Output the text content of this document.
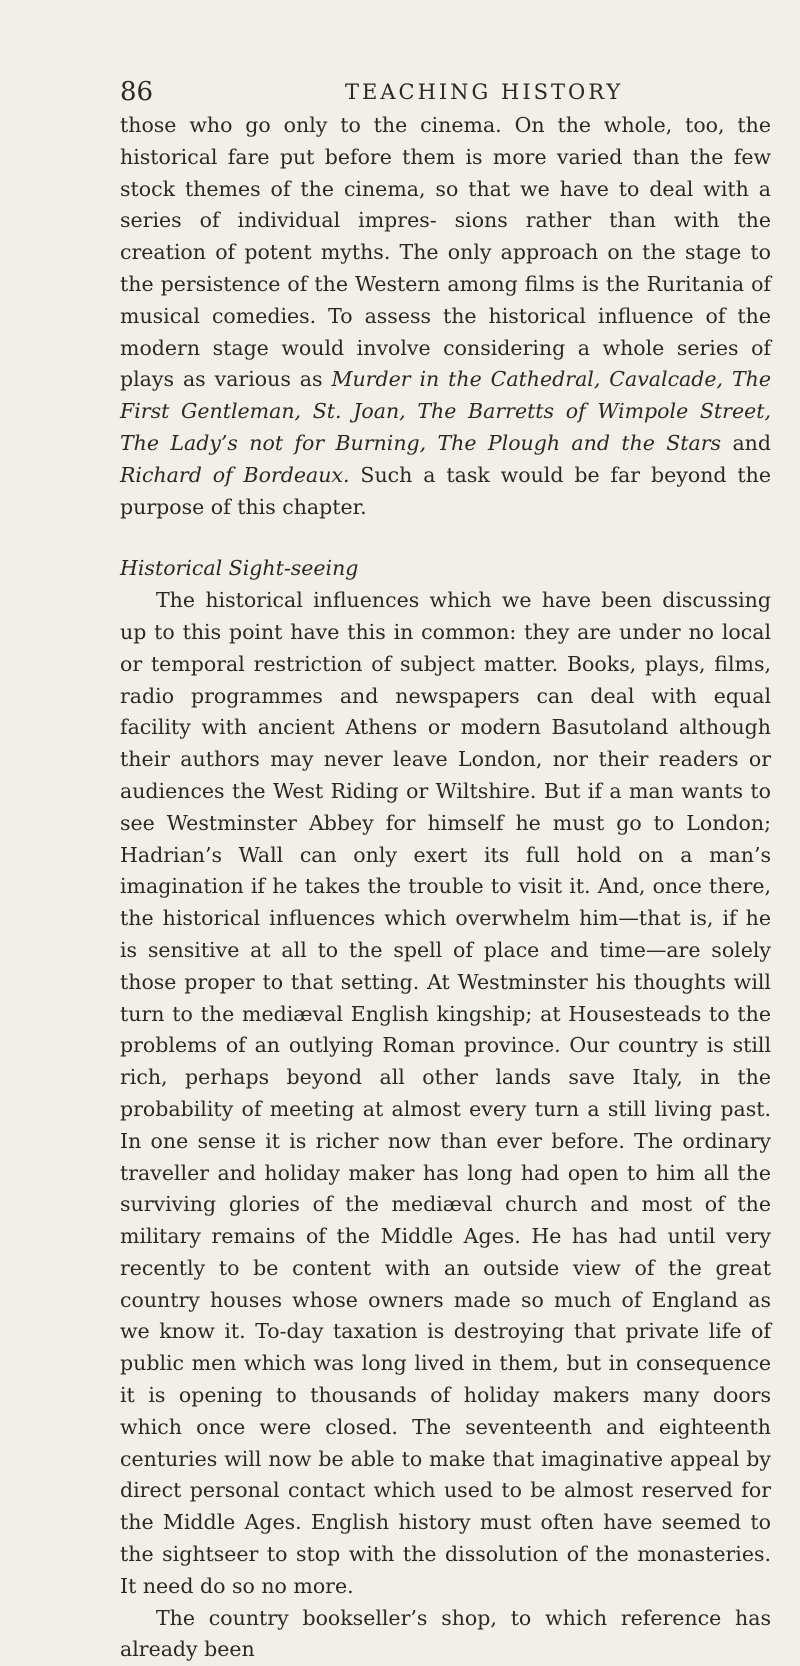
86	TEACHING HISTORY

those who go only to the cinema. On the whole, too, the historical fare put before them is more varied than the few stock themes of the cinema, so that we have to deal with a series of individual impres- sions rather than with the creation of potent myths. The only approach on the stage to the persistence of the Western among films is the Ruritania of musical comedies. To assess the historical influence of the modern stage would involve considering a whole series of plays as various as Murder in the Cathedral, Cavalcade, The First Gentleman, St. Joan, The Barretts of Wimpole Street, The Lady’s not for Burning, The Plough and the Stars and Richard of Bordeaux. Such a task would be far beyond the purpose of this chapter.

Historical Sight-seeing

The historical influences which we have been discussing up to this point have this in common: they are under no local or temporal restriction of subject matter. Books, plays, films, radio programmes and newspapers can deal with equal facility with ancient Athens or modern Basutoland although their authors may never leave London, nor their readers or audiences the West Riding or Wiltshire. But if a man wants to see Westminster Abbey for himself he must go to London; Hadrian’s Wall can only exert its full hold on a man’s imagination if he takes the trouble to visit it. And, once there, the historical influences which overwhelm him—that is, if he is sensitive at all to the spell of place and time—are solely those proper to that setting. At Westminster his thoughts will turn to the mediæval English kingship; at Housesteads to the problems of an outlying Roman province. Our country is still rich, perhaps beyond all other lands save Italy, in the probability of meeting at almost every turn a still living past. In one sense it is richer now than ever before. The ordinary traveller and holiday maker has long had open to him all the surviving glories of the mediæval church and most of the military remains of the Middle Ages. He has had until very recently to be content with an outside view of the great country houses whose owners made so much of England as we know it. To-day taxation is destroying that private life of public men which was long lived in them, but in consequence it is opening to thousands of holiday makers many doors which once were closed. The seventeenth and eighteenth centuries will now be able to make that imaginative appeal by direct personal contact which used to be almost reserved for the Middle Ages. English history must often have seemed to the sightseer to stop with the dissolution of the monasteries. It need do so no more.

The country bookseller’s shop, to which reference has already been
